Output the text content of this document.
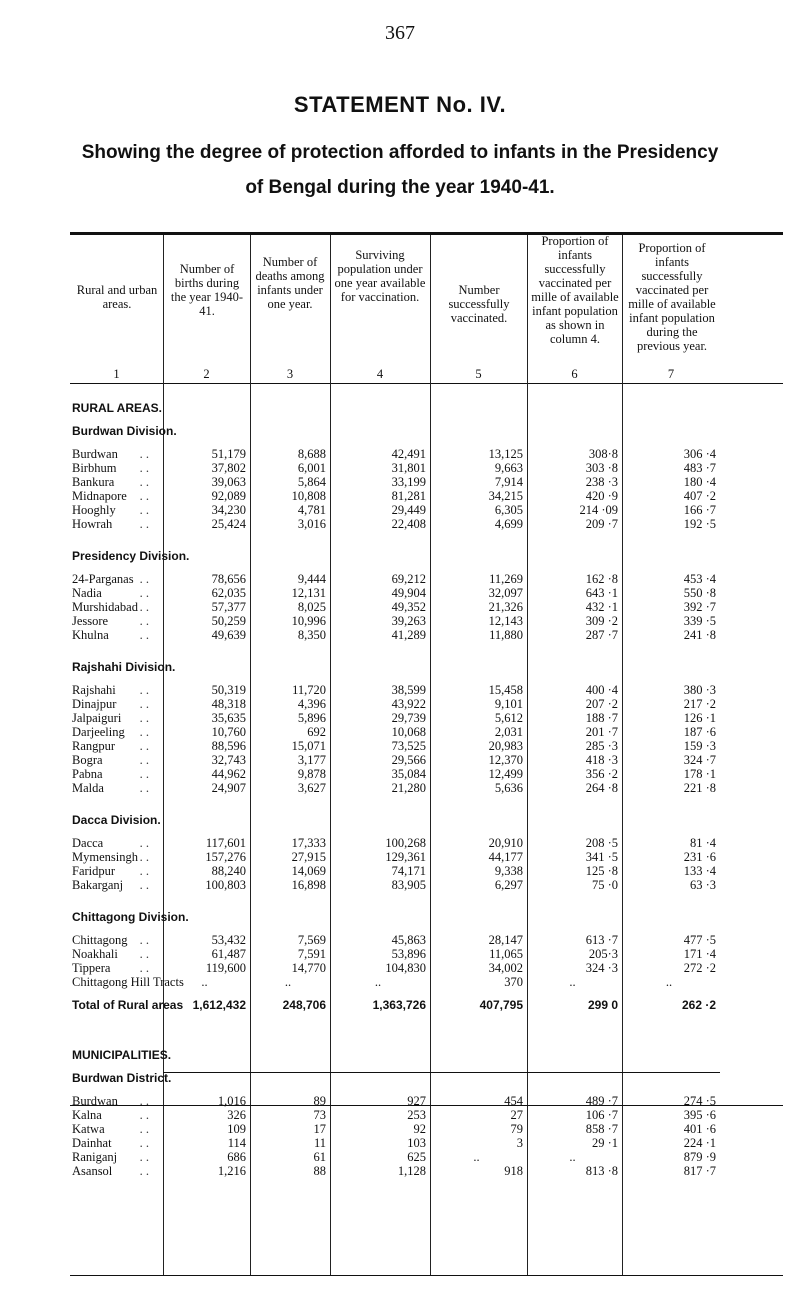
367
STATEMENT No. IV.
Showing the degree of protection afforded to infants in the Presidency
of Bengal during the year 1940-41.
Rural and urban areas.
Number of births during the year 1940-41.
Number of deaths among infants under one year.
Surviving population under one year available for vaccination.	Number successfully vaccinated.
Proportion of infants successfully vaccinated per mille of available infant population as shown in column 4.
Proportion of infants successfully vaccinated per mille of available infant population during the previous year.
1	2	3	4	5	6	7

RURAL AREAS.							

Burdwan Division.							

Burdwan . .	51,179	8,688	42,491	13,125	308·8	306 ·4	
Birbhum . .	37,802	6,001	31,801	9,663	303 ·8	483 ·7	
Bankura . .	39,063	5,864	33,199	7,914	238 ·3	180 ·4	
Midnapore . .	92,089	10,808	81,281	34,215	420 ·9	407 ·2	
Hooghly . .	34,230	4,781	29,449	6,305	214 ·09	166 ·7	
Howrah . .	25,424	3,016	22,408	4,699	209 ·7	192 ·5	

Presidency Division.							

24-Parganas . .	78,656	9,444	69,212	11,269	162 ·8	453 ·4	
Nadia . .	62,035	12,131	49,904	32,097	643 ·1	550 ·8	
Murshidabad . .	57,377	8,025	49,352	21,326	432 ·1	392 ·7	
Jessore . .	50,259	10,996	39,263	12,143	309 ·2	339 ·5	
Khulna . .	49,639	8,350	41,289	11,880	287 ·7	241 ·8	

Rajshahi Division.							

Rajshahi . .	50,319	11,720	38,599	15,458	400 ·4	380 ·3	
Dinajpur . .	48,318	4,396	43,922	9,101	207 ·2	217 ·2	
Jalpaiguri . .	35,635	5,896	29,739	5,612	188 ·7	126 ·1	
Darjeeling . .	10,760	692	10,068	2,031	201 ·7	187 ·6	
Rangpur . .	88,596	15,071	73,525	20,983	285 ·3	159 ·3	
Bogra . .	32,743	3,177	29,566	12,370	418 ·3	324 ·7	
Pabna . .	44,962	9,878	35,084	12,499	356 ·2	178 ·1	
Malda . .	24,907	3,627	21,280	5,636	264 ·8	221 ·8	

Dacca Division.							

Dacca . .	117,601	17,333	100,268	20,910	208 ·5	81 ·4	
Mymensingh . .	157,276	27,915	129,361	44,177	341 ·5	231 ·6	
Faridpur . .	88,240	14,069	74,171	9,338	125 ·8	133 ·4	
Bakarganj . .	100,803	16,898	83,905	6,297	75 ·0	63 ·3	

Chittagong Division.							

Chittagong . .	53,432	7,569	45,863	28,147	613 ·7	477 ·5	
Noakhali . .	61,487	7,591	53,896	11,065	205·3	171 ·4	
Tippera . .	119,600	14,770	104,830	34,002	324 ·3	272 ·2	
Chittagong Hill Tracts	..	..	..	370	..	..	

Total of Rural areas	1,612,432	248,706	1,363,726	407,795	299 0	262 ·2	

MUNICIPALITIES.							

Burdwan District.							

Burdwan . .	1,016	89	927	454	489 ·7	274 ·5	
Kalna . .	326	73	253	27	106 ·7	395 ·6	
Katwa . .	109	17	92	79	858 ·7	401 ·6	
Dainhat . .	114	11	103	3	29 ·1	224 ·1	
Raniganj . .	686	61	625	..	..	879 ·9	
Asansol . .	1,216	88	1,128	918	813 ·8	817 ·7	
